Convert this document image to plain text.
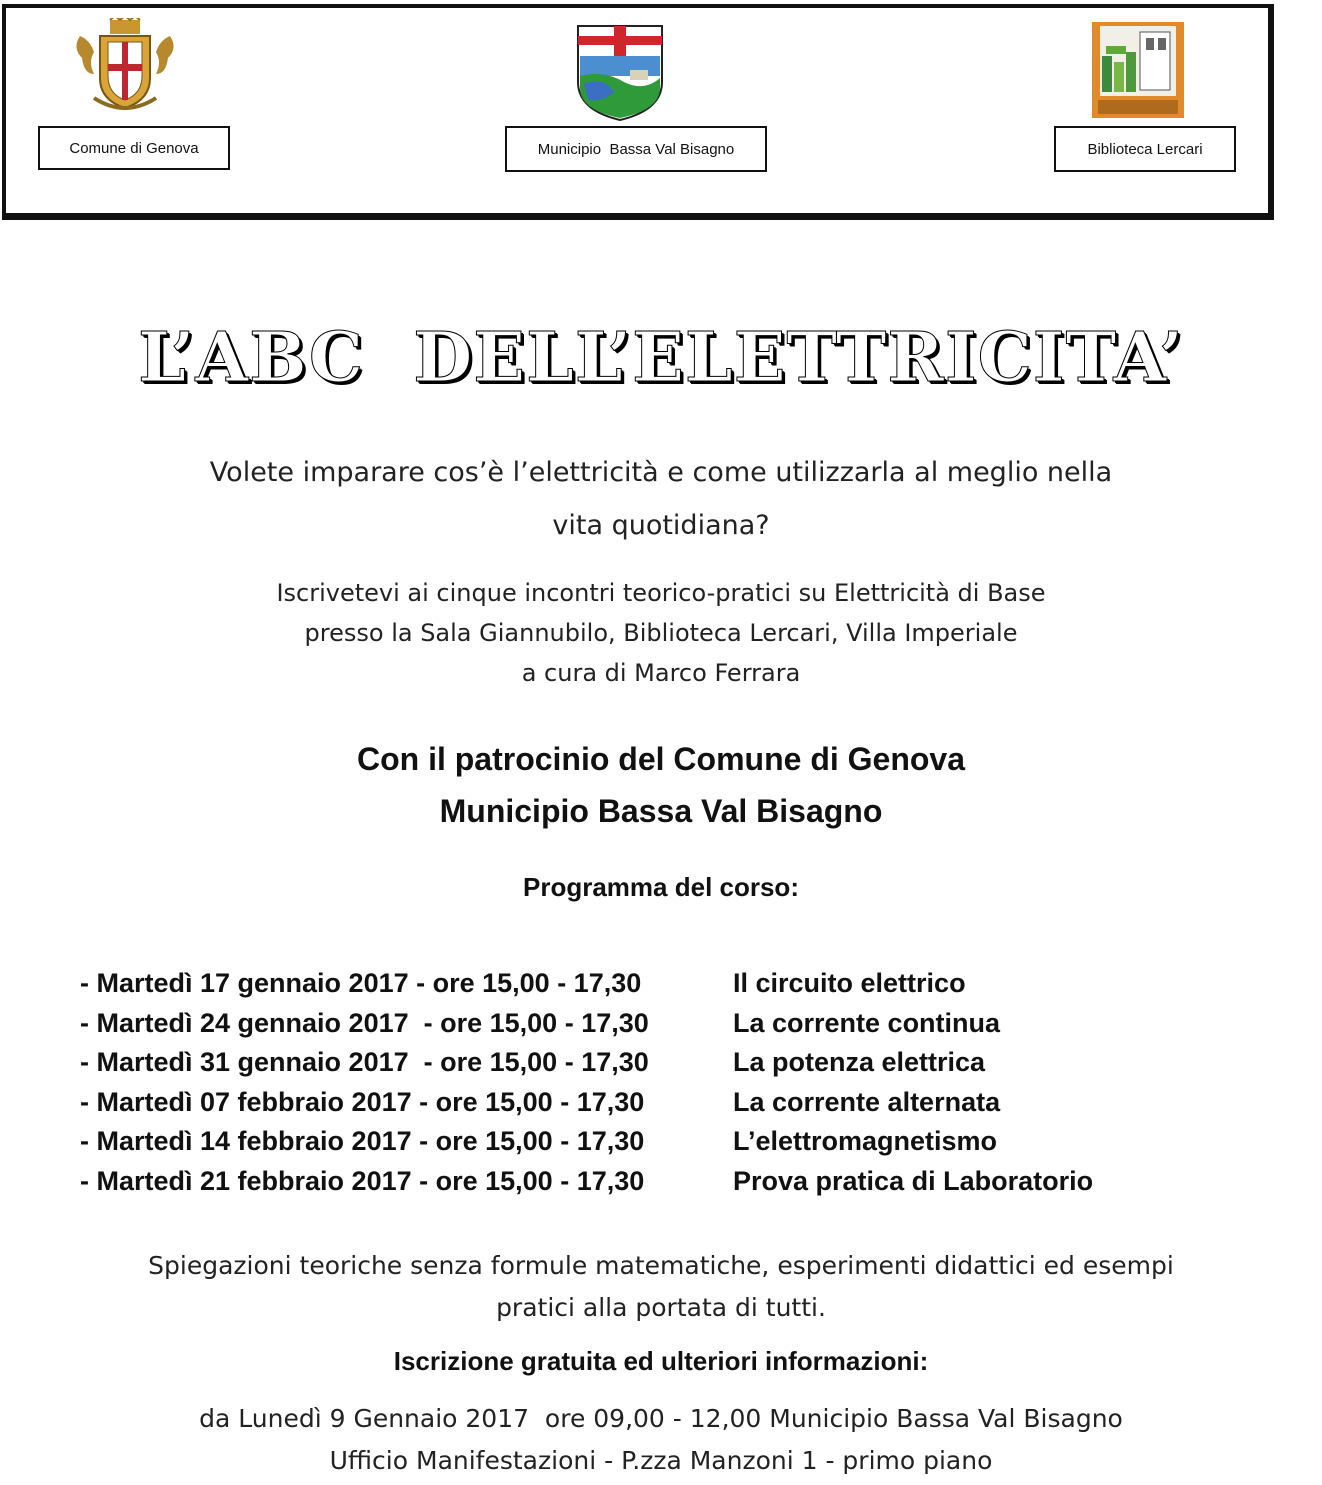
Comune di Genova	Municipio  Bassa Val Bisagno	Biblioteca Lercari
L’ABC  DELL’ELETTRICITA’
Volete imparare cos’è l’elettricità e come utilizzarla al meglio nella
vita quotidiana?
Iscrivetevi ai cinque incontri teorico-pratici su Elettricità di Base
presso la Sala Giannubilo, Biblioteca Lercari, Villa Imperiale
a cura di Marco Ferrara
Con il patrocinio del Comune di Genova
Municipio Bassa Val Bisagno
Programma del corso:
- Martedì 17 gennaio 2017 - ore 15,00 - 17,30	Il circuito elettrico
- Martedì 24 gennaio 2017  - ore 15,00 - 17,30	La corrente continua
- Martedì 31 gennaio 2017  - ore 15,00 - 17,30	La potenza elettrica
- Martedì 07 febbraio 2017 - ore 15,00 - 17,30	La corrente alternata
- Martedì 14 febbraio 2017 - ore 15,00 - 17,30	L’elettromagnetismo
- Martedì 21 febbraio 2017 - ore 15,00 - 17,30	Prova pratica di Laboratorio
Spiegazioni teoriche senza formule matematiche, esperimenti didattici ed esempi
pratici alla portata di tutti.
Iscrizione gratuita ed ulteriori informazioni:
da Lunedì 9 Gennaio 2017  ore 09,00 - 12,00 Municipio Bassa Val Bisagno
Ufficio Manifestazioni - P.zza Manzoni 1 - primo piano
